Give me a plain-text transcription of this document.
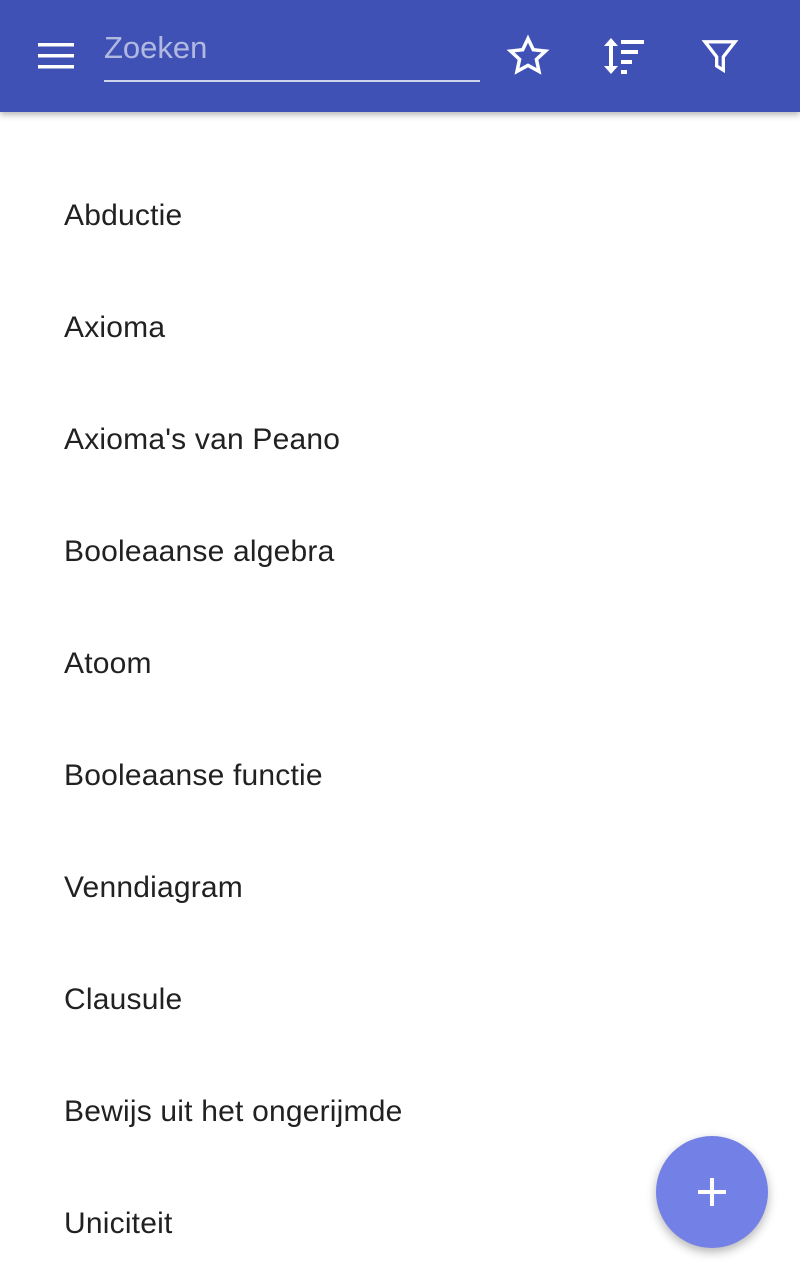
Zoeken
Abductie
Axioma
Axioma's van Peano
Booleaanse algebra
Atoom
Booleaanse functie
Venndiagram
Clausule
Bewijs uit het ongerijmde
Uniciteit
